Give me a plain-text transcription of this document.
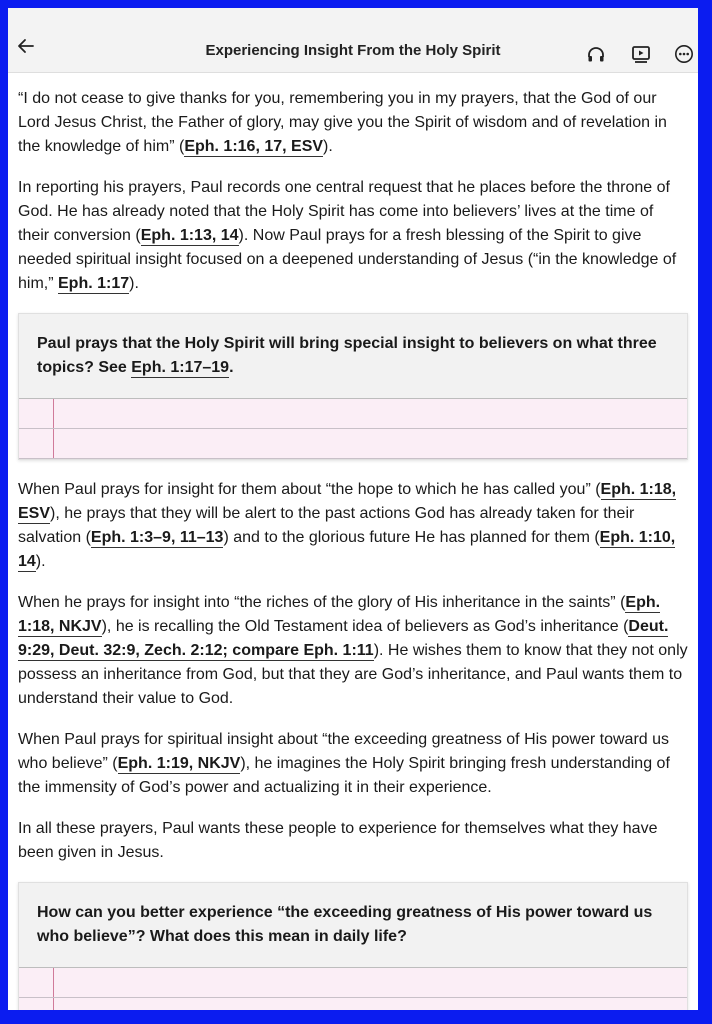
Experiencing Insight From the Holy Spirit

“I do not cease to give thanks for you, remembering you in my prayers, that the God of our Lord Jesus Christ, the Father of glory, may give you the Spirit of wisdom and of revelation in the knowledge of him” (Eph. 1:16, 17, ESV).

In reporting his prayers, Paul records one central request that he places before the throne of God. He has already noted that the Holy Spirit has come into believers’ lives at the time of their conversion (Eph. 1:13, 14). Now Paul prays for a fresh blessing of the Spirit to give needed spiritual insight focused on a deepened understanding of Jesus (“in the knowledge of him,” Eph. 1:17).

Paul prays that the Holy Spirit will bring special insight to believers on what three topics? See Eph. 1:17–19.

When Paul prays for insight for them about “the hope to which he has called you” (Eph. 1:18, ESV), he prays that they will be alert to the past actions God has already taken for their salvation (Eph. 1:3–9, 11–13) and to the glorious future He has planned for them (Eph. 1:10, 14).

When he prays for insight into “the riches of the glory of His inheritance in the saints” (Eph. 1:18, NKJV), he is recalling the Old Testament idea of believers as God’s inheritance (Deut. 9:29, Deut. 32:9, Zech. 2:12; compare Eph. 1:11). He wishes them to know that they not only possess an inheritance from God, but that they are God’s inheritance, and Paul wants them to understand their value to God.

When Paul prays for spiritual insight about “the exceeding greatness of His power toward us who believe” (Eph. 1:19, NKJV), he imagines the Holy Spirit bringing fresh understanding of the immensity of God’s power and actualizing it in their experience.

In all these prayers, Paul wants these people to experience for themselves what they have been given in Jesus.

How can you better experience “the exceeding greatness of His power toward us who believe”? What does this mean in daily life?
